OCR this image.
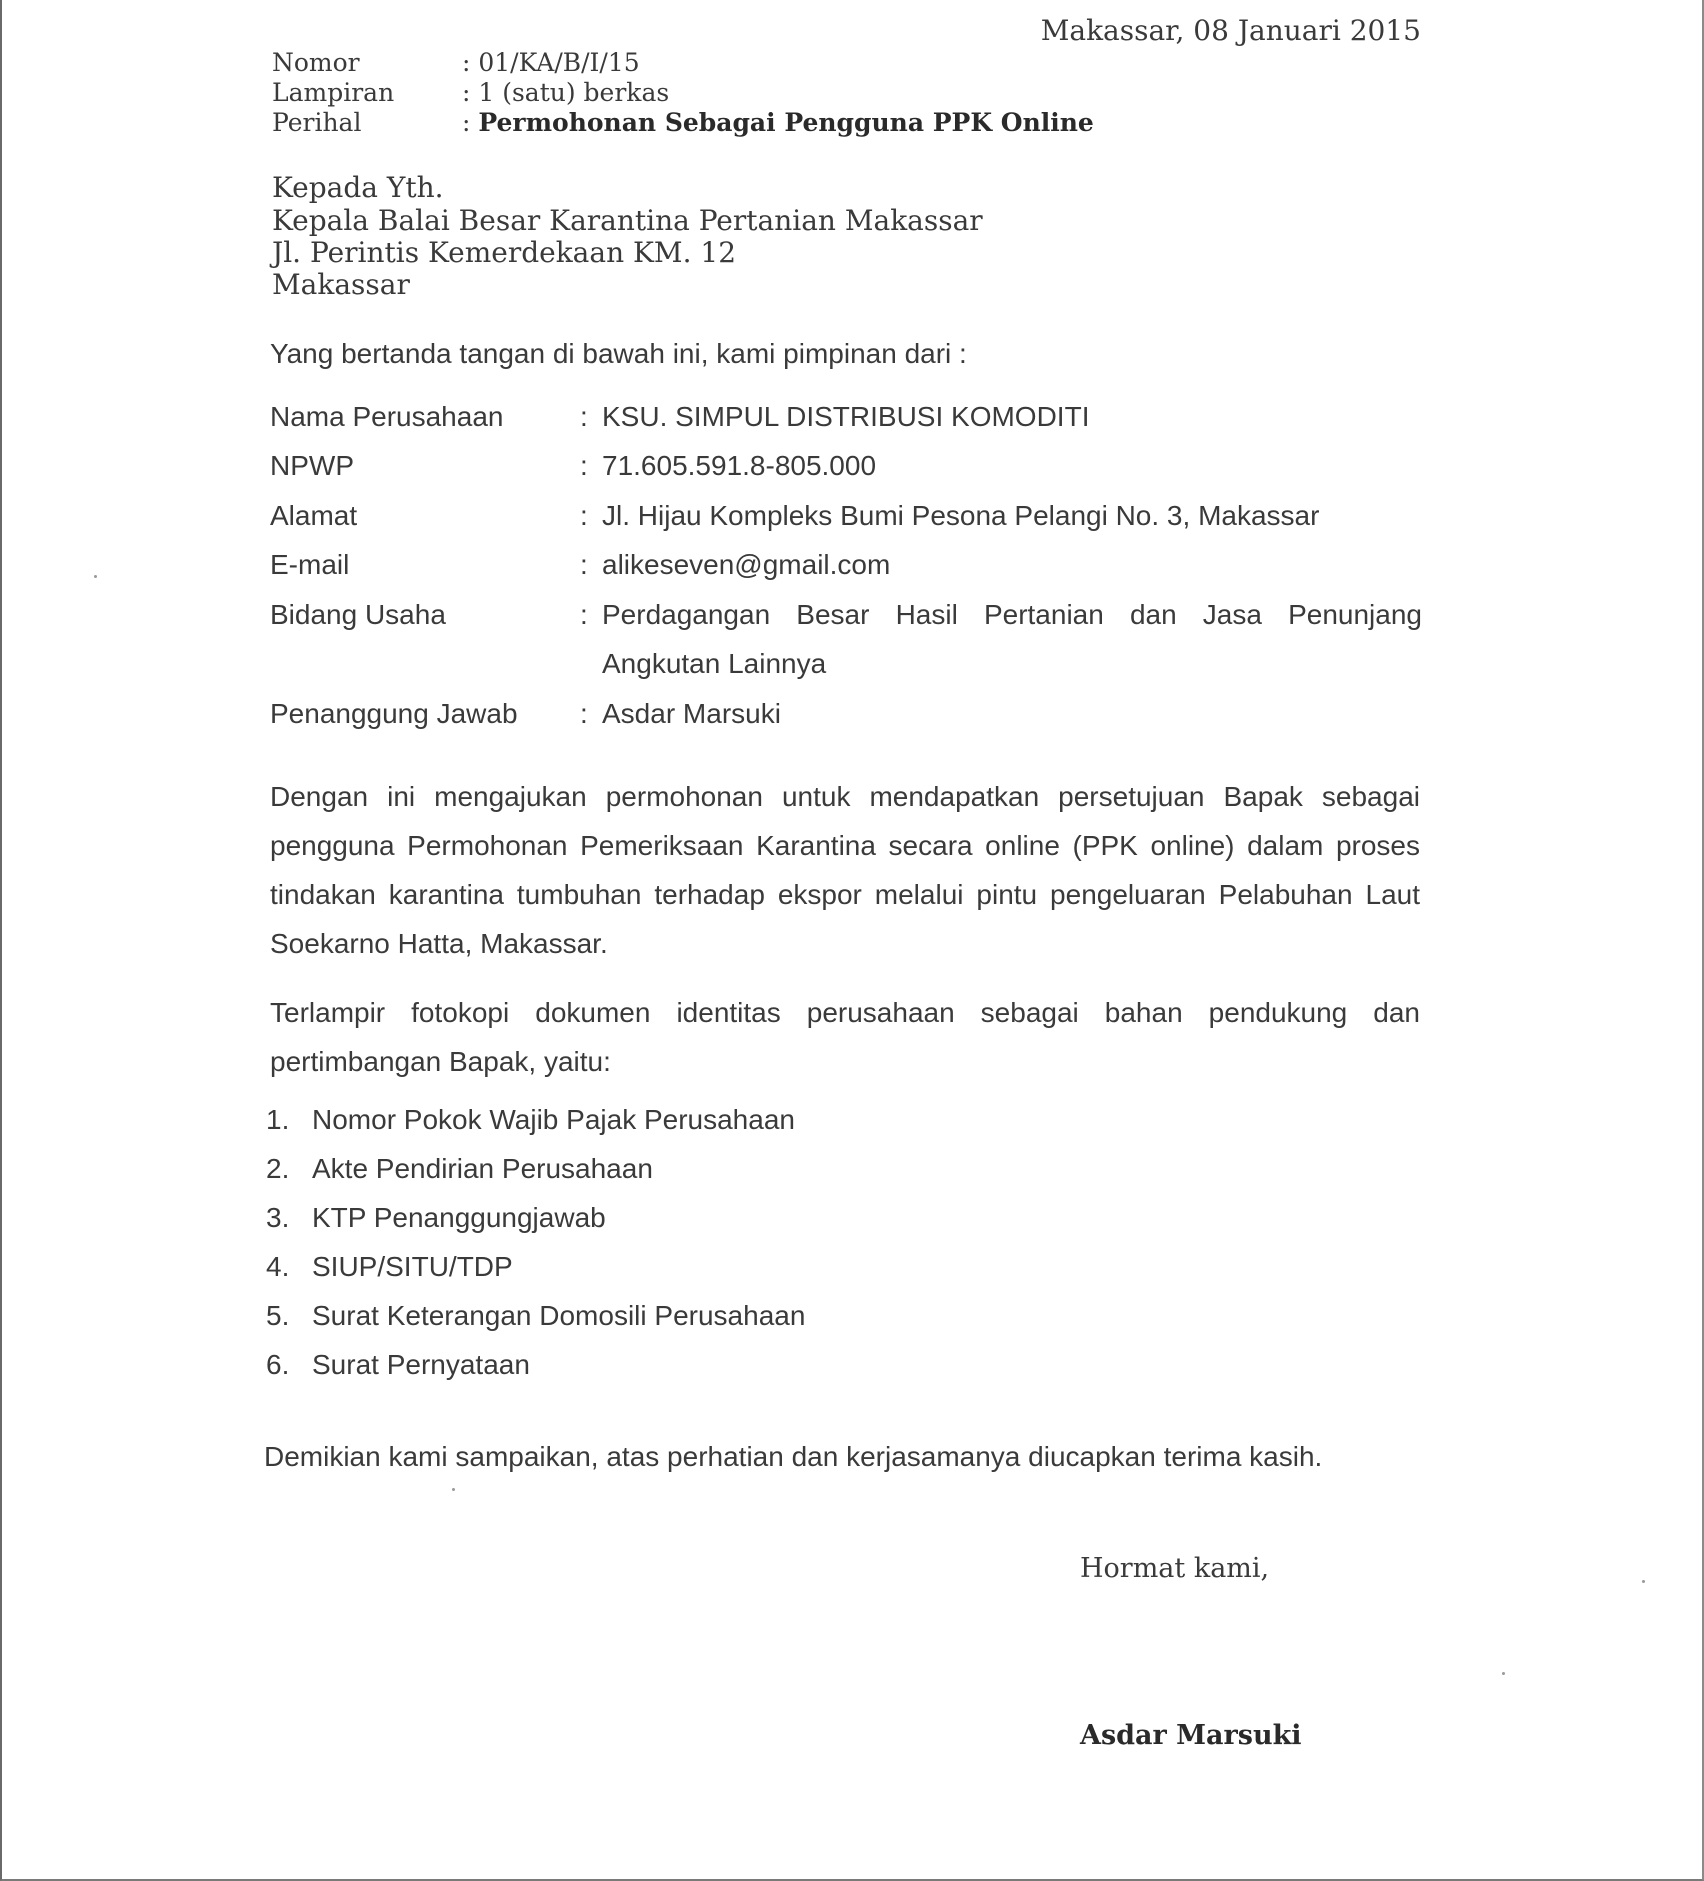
Makassar, 08 Januari 2015
Nomor	: 01/KA/B/I/15
Lampiran	: 1 (satu) berkas
Perihal	: Permohonan Sebagai Pengguna PPK Online
Kepada Yth.
Kepala Balai Besar Karantina Pertanian Makassar
Jl. Perintis Kemerdekaan KM. 12
Makassar
Yang bertanda tangan di bawah ini, kami pimpinan dari :
Nama Perusahaan	: KSU. SIMPUL DISTRIBUSI KOMODITI
NPWP	: 71.605.591.8-805.000
Alamat	: Jl. Hijau Kompleks Bumi Pesona Pelangi No. 3, Makassar
E-mail	: alikeseven@gmail.com
Bidang Usaha	: Perdagangan Besar Hasil Pertanian dan Jasa Penunjang
Angkutan Lainnya
Penanggung Jawab : Asdar Marsuki
Dengan ini mengajukan permohonan untuk mendapatkan persetujuan Bapak sebagai pengguna Permohonan Pemeriksaan Karantina secara online (PPK online) dalam proses tindakan karantina tumbuhan terhadap ekspor melalui pintu pengeluaran Pelabuhan Laut Soekarno Hatta, Makassar.
Terlampir fotokopi dokumen identitas perusahaan sebagai bahan pendukung dan pertimbangan Bapak, yaitu:
1. Nomor Pokok Wajib Pajak Perusahaan
2. Akte Pendirian Perusahaan
3. KTP Penanggungjawab
4. SIUP/SITU/TDP
5. Surat Keterangan Domosili Perusahaan
6. Surat Pernyataan
Demikian kami sampaikan, atas perhatian dan kerjasamanya diucapkan terima kasih.
Hormat kami,
Asdar Marsuki
